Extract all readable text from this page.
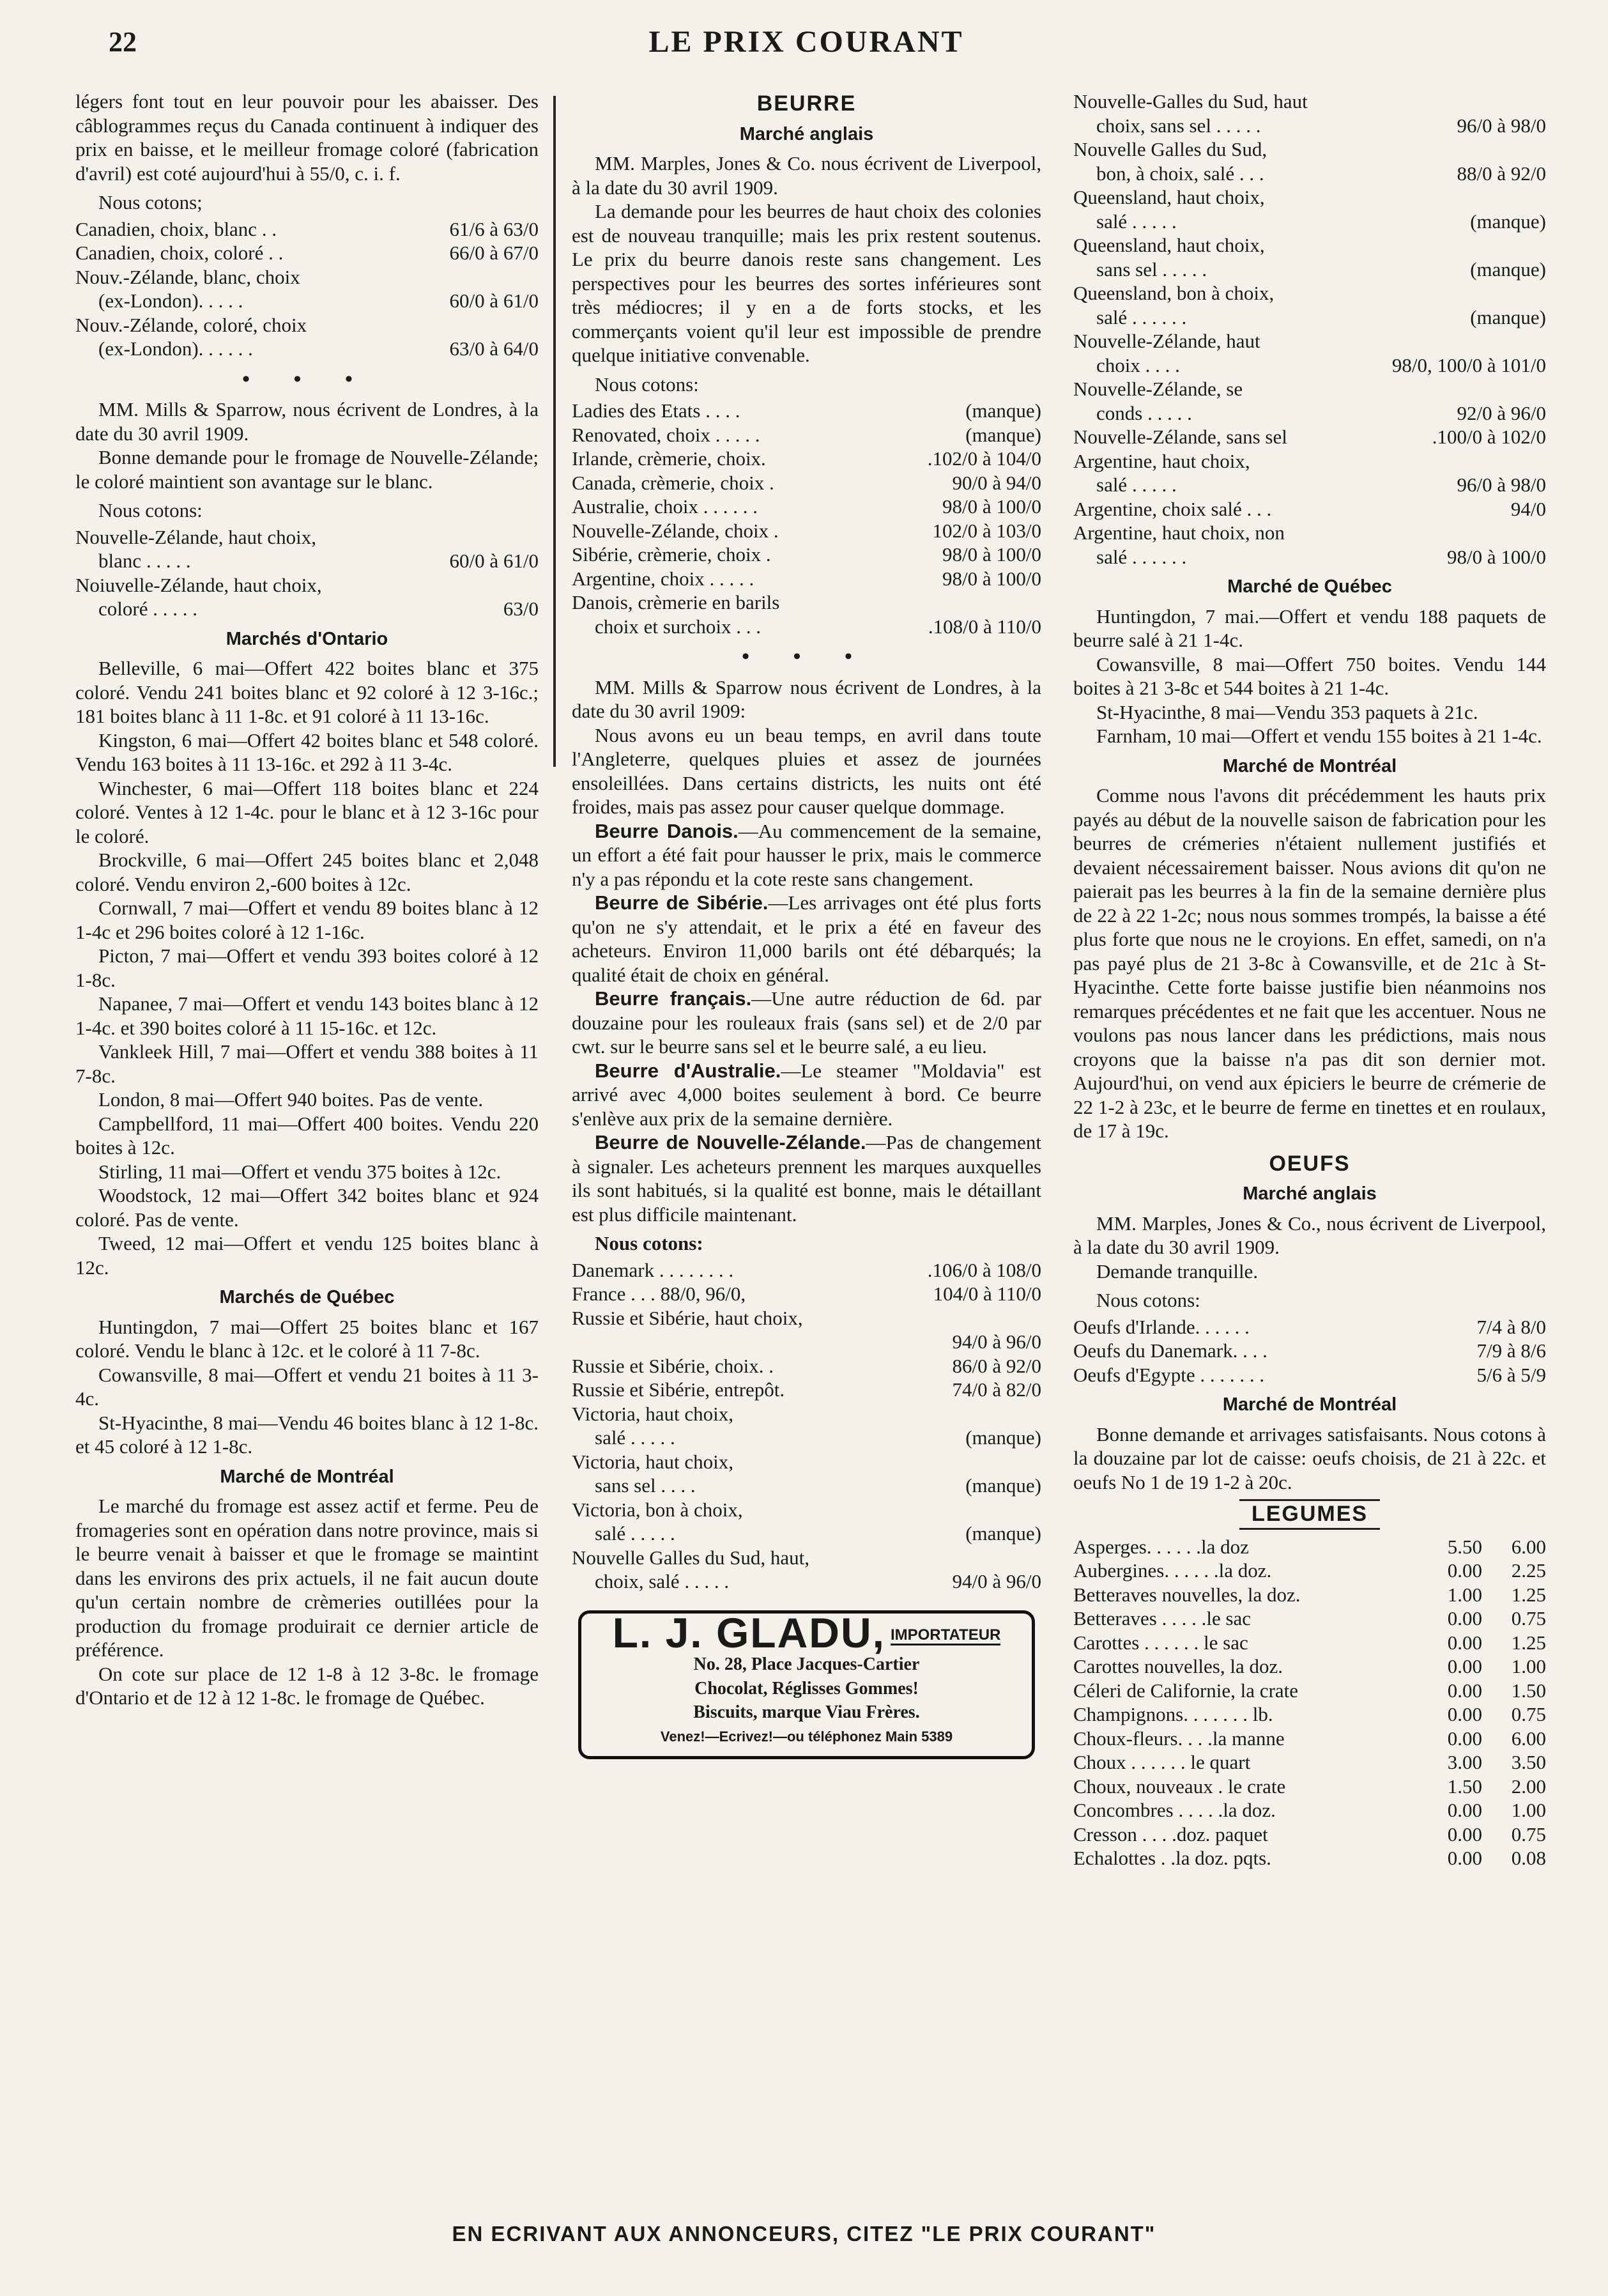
22	LE PRIX COURANT

légers font tout en leur pouvoir pour les abaisser. Des câblogrammes reçus du Canada continuent à indiquer des prix en baisse, et le meilleur fromage coloré (fabrication d'avril) est coté aujourd'hui à 55/0, c. i. f.

Nous cotons;
Canadien, choix, blanc . .	61/6 à 63/0
Canadien, choix, coloré . .	66/0 à 67/0
Nouv.-Zélande, blanc, choix
(ex-London). . . . .	60/0 à 61/0
Nouv.-Zélande, coloré, choix
(ex-London). . . . . .	63/0 à 64/0
• • •

MM. Mills & Sparrow, nous écrivent de Londres, à la date du 30 avril 1909.

Bonne demande pour le fromage de Nouvelle-Zélande; le coloré maintient son avantage sur le blanc.

Nous cotons:
Nouvelle-Zélande, haut choix,
blanc . . . . .	60/0 à 61/0
Noiuvelle-Zélande, haut choix,
coloré . . . . .	63/0
Marchés d'Ontario

Belleville, 6 mai—Offert 422 boites blanc et 375 coloré. Vendu 241 boites blanc et 92 coloré à 12 3-16c.; 181 boites blanc à 11 1-8c. et 91 coloré à 11 13-16c.

Kingston, 6 mai—Offert 42 boites blanc et 548 coloré. Vendu 163 boites à 11 13-16c. et 292 à 11 3-4c.

Winchester, 6 mai—Offert 118 boites blanc et 224 coloré. Ventes à 12 1-4c. pour le blanc et à 12 3-16c pour le coloré.

Brockville, 6 mai—Offert 245 boites blanc et 2,048 coloré. Vendu environ 2,-600 boites à 12c.

Cornwall, 7 mai—Offert et vendu 89 boites blanc à 12 1-4c et 296 boites coloré à 12 1-16c.

Picton, 7 mai—Offert et vendu 393 boites coloré à 12 1-8c.

Napanee, 7 mai—Offert et vendu 143 boites blanc à 12 1-4c. et 390 boites coloré à 11 15-16c. et 12c.

Vankleek Hill, 7 mai—Offert et vendu 388 boites à 11 7-8c.

London, 8 mai—Offert 940 boites. Pas de vente.

Campbellford, 11 mai—Offert 400 boites. Vendu 220 boites à 12c.

Stirling, 11 mai—Offert et vendu 375 boites à 12c.

Woodstock, 12 mai—Offert 342 boites blanc et 924 coloré. Pas de vente.

Tweed, 12 mai—Offert et vendu 125 boites blanc à 12c.

Marchés de Québec

Huntingdon, 7 mai—Offert 25 boites blanc et 167 coloré. Vendu le blanc à 12c. et le coloré à 11 7-8c.

Cowansville, 8 mai—Offert et vendu 21 boites à 11 3-4c.

St-Hyacinthe, 8 mai—Vendu 46 boites blanc à 12 1-8c. et 45 coloré à 12 1-8c.

Marché de Montréal

Le marché du fromage est assez actif et ferme. Peu de fromageries sont en opération dans notre province, mais si le beurre venait à baisser et que le fromage se maintint dans les environs des prix actuels, il ne fait aucun doute qu'un certain nombre de crèmeries outillées pour la production du fromage produirait ce dernier article de préférence.

On cote sur place de 12 1-8 à 12 3-8c. le fromage d'Ontario et de 12 à 12 1-8c. le fromage de Québec.

BEURRE
Marché anglais

MM. Marples, Jones & Co. nous écrivent de Liverpool, à la date du 30 avril 1909.

La demande pour les beurres de haut choix des colonies est de nouveau tranquille; mais les prix restent soutenus. Le prix du beurre danois reste sans changement. Les perspectives pour les beurres des sortes inférieures sont très médiocres; il y en a de forts stocks, et les commerçants voient qu'il leur est impossible de prendre quelque initiative convenable.

Nous cotons:
Ladies des Etats . . . .	(manque)
Renovated, choix . . . . .	(manque)
Irlande, crèmerie, choix.	.102/0 à 104/0
Canada, crèmerie, choix .	90/0 à 94/0
Australie, choix . . . . . .	98/0 à 100/0
Nouvelle-Zélande, choix .	102/0 à 103/0
Sibérie, crèmerie, choix .	98/0 à 100/0
Argentine, choix . . . . .	98/0 à 100/0
Danois, crèmerie en barils
choix et surchoix . . .	.108/0 à 110/0
• • •

MM. Mills & Sparrow nous écrivent de Londres, à la date du 30 avril 1909:

Nous avons eu un beau temps, en avril dans toute l'Angleterre, quelques pluies et assez de journées ensoleillées. Dans certains districts, les nuits ont été froides, mais pas assez pour causer quelque dommage.

Beurre Danois.—Au commencement de la semaine, un effort a été fait pour hausser le prix, mais le commerce n'y a pas répondu et la cote reste sans changement.

Beurre de Sibérie.—Les arrivages ont été plus forts qu'on ne s'y attendait, et le prix a été en faveur des acheteurs. Environ 11,000 barils ont été débarqués; la qualité était de choix en général.

Beurre français.—Une autre réduction de 6d. par douzaine pour les rouleaux frais (sans sel) et de 2/0 par cwt. sur le beurre sans sel et le beurre salé, a eu lieu.

Beurre d'Australie.—Le steamer "Moldavia" est arrivé avec 4,000 boites seulement à bord. Ce beurre s'enlève aux prix de la semaine dernière.

Beurre de Nouvelle-Zélande.—Pas de changement à signaler. Les acheteurs prennent les marques auxquelles ils sont habitués, si la qualité est bonne, mais le détaillant est plus difficile maintenant.

Nous cotons:
Danemark . . . . . . . .	.106/0 à 108/0
France . . . 88/0, 96/0,	104/0 à 110/0
Russie et Sibérie, haut choix,
94/0 à 96/0
Russie et Sibérie, choix. .	86/0 à 92/0
Russie et Sibérie, entrepôt.	74/0 à 82/0
Victoria, haut choix,
salé . . . . .	(manque)
Victoria, haut choix,
sans sel . . . .	(manque)
Victoria, bon à choix,
salé . . . . .	(manque)
Nouvelle Galles du Sud, haut,
choix, salé . . . . .	94/0 à 96/0
L. J. GLADU, $^{IMPORTATEUR}$
No. 28, Place Jacques-Cartier
Chocolat, Réglisses Gommes!
Biscuits, marque Viau Frères.
Venez!—Ecrivez!—ou téléphonez Main 5389
Nouvelle-Galles du Sud, haut
choix, sans sel . . . . .	96/0 à 98/0
Nouvelle Galles du Sud,
bon, à choix, salé . . .	88/0 à 92/0
Queensland, haut choix,
salé . . . . .	(manque)
Queensland, haut choix,
sans sel . . . . .	(manque)
Queensland, bon à choix,
salé . . . . . .	(manque)
Nouvelle-Zélande, haut
choix . . . .	98/0, 100/0 à 101/0
Nouvelle-Zélande, se
conds . . . . .	92/0 à 96/0
Nouvelle-Zélande, sans sel	.100/0 à 102/0
Argentine, haut choix,
salé . . . . .	96/0 à 98/0
Argentine, choix salé . . .	94/0
Argentine, haut choix, non
salé . . . . . .	98/0 à 100/0
Marché de Québec

Huntingdon, 7 mai.—Offert et vendu 188 paquets de beurre salé à 21 1-4c.

Cowansville, 8 mai—Offert 750 boites. Vendu 144 boites à 21 3-8c et 544 boites à 21 1-4c.

St-Hyacinthe, 8 mai—Vendu 353 paquets à 21c.

Farnham, 10 mai—Offert et vendu 155 boites à 21 1-4c.

Marché de Montréal

Comme nous l'avons dit précédemment les hauts prix payés au début de la nouvelle saison de fabrication pour les beurres de crémeries n'étaient nullement justifiés et devaient nécessairement baisser. Nous avions dit qu'on ne paierait pas les beurres à la fin de la semaine dernière plus de 22 à 22 1-2c; nous nous sommes trompés, la baisse a été plus forte que nous ne le croyions. En effet, samedi, on n'a pas payé plus de 21 3-8c à Cowansville, et de 21c à St-Hyacinthe. Cette forte baisse justifie bien néanmoins nos remarques précédentes et ne fait que les accentuer. Nous ne voulons pas nous lancer dans les prédictions, mais nous croyons que la baisse n'a pas dit son dernier mot. Aujourd'hui, on vend aux épiciers le beurre de crémerie de 22 1-2 à 23c, et le beurre de ferme en tinettes et en roulaux, de 17 à 19c.

OEUFS
Marché anglais

MM. Marples, Jones & Co., nous écrivent de Liverpool, à la date du 30 avril 1909.

Demande tranquille.

Nous cotons:
Oeufs d'Irlande. . . . . .	7/4 à 8/0
Oeufs du Danemark. . . .	7/9 à 8/6
Oeufs d'Egypte . . . . . . .	5/6 à 5/9
Marché de Montréal

Bonne demande et arrivages satisfaisants. Nous cotons à la douzaine par lot de caisse: oeufs choisis, de 21 à 22c. et oeufs No 1 de 19 1-2 à 20c.

LEGUMES
Asperges. . . . . .la doz	5.50	6.00
Aubergines. . . . . .la doz.	0.00	2.25
Betteraves nouvelles, la doz.	1.00	1.25
Betteraves . . . . .le sac	0.00	0.75
Carottes . . . . . . le sac	0.00	1.25
Carottes nouvelles, la doz.	0.00	1.00
Céleri de Californie, la crate	0.00	1.50
Champignons. . . . . . . lb.	0.00	0.75
Choux-fleurs. . . .la manne	0.00	6.00
Choux . . . . . . le quart	3.00	3.50
Choux, nouveaux . le crate	1.50	2.00
Concombres . . . . .la doz.	0.00	1.00
Cresson . . . .doz. paquet	0.00	0.75
Echalottes . .la doz. pqts.	0.00	0.08
EN ECRIVANT AUX ANNONCEURS, CITEZ "LE PRIX COURANT"
